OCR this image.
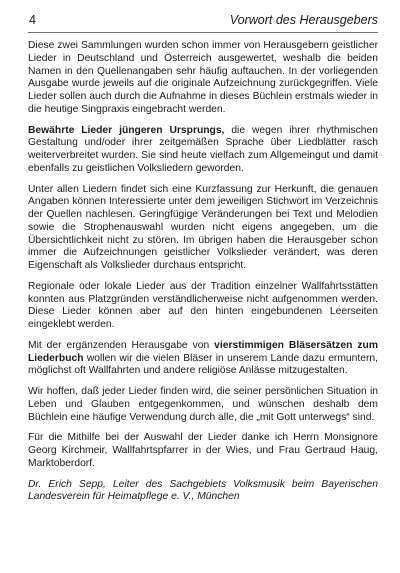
4	Vorwort des Herausgebers

Diese zwei Sammlungen wurden schon immer von Herausgebern geistlicher Lieder in Deutschland und Österreich ausgewertet, weshalb die beiden Namen in den Quellenangaben sehr häufig auftauchen. In der vorliegenden Ausgabe wurde jeweils auf die originale Aufzeichnung zurückgegriffen. Viele Lieder sollen auch durch die Aufnahme in dieses Büchlein erstmals wieder in die heutige Singpraxis eingebracht werden.

Bewährte Lieder jüngeren Ursprungs, die wegen ihrer rhythmischen Gestaltung und/oder ihrer zeitgemäßen Sprache über Liedblätter rasch weiterverbreitet wurden. Sie sind heute vielfach zum Allgemeingut und damit ebenfalls zu geistlichen Volksliedern geworden.

Unter allen Liedern findet sich eine Kurzfassung zur Herkunft, die genauen Angaben können Interessierte unter dem jeweiligen Stichwort im Verzeichnis der Quellen nachlesen. Geringfügige Veränderungen bei Text und Melodien sowie die Strophenauswahl wurden nicht eigens angegeben, um die Übersichtlichkeit nicht zu stören. Im übrigen haben die Herausgeber schon immer die Aufzeichnungen geistlicher Volkslieder verändert, was deren Eigenschaft als Volkslieder durchaus entspricht.

Regionale oder lokale Lieder aus der Tradition einzelner Wallfahrtsstätten konnten aus Platzgründen verständlicherweise nicht aufgenommen werden. Diese Lieder können aber auf den hinten eingebundenen Leerseiten eingeklebt werden.

Mit der ergänzenden Herausgabe von vierstimmigen Bläsersätzen zum Liederbuch wollen wir die vielen Bläser in unserem Lande dazu ermuntern, möglichst oft Wallfahrten und andere religiöse Anlässe mitzugestalten.

Wir hoffen, daß jeder Lieder finden wird, die seiner persönlichen Situation in Leben und Glauben entgegenkommen, und wünschen deshalb dem Büchlein eine häufige Verwendung durch alle, die „mit Gott unterwegs“ sind.

Für die Mithilfe bei der Auswahl der Lieder danke ich Herrn Monsignore Georg Kirchmeir, Wallfahrtspfarrer in der Wies, und Frau Gertraud Haug, Marktoberdorf.

Dr. Erich Sepp, Leiter des Sachgebiets Volksmusik beim Bayerischen Landesverein für Heimatpflege e. V., München
